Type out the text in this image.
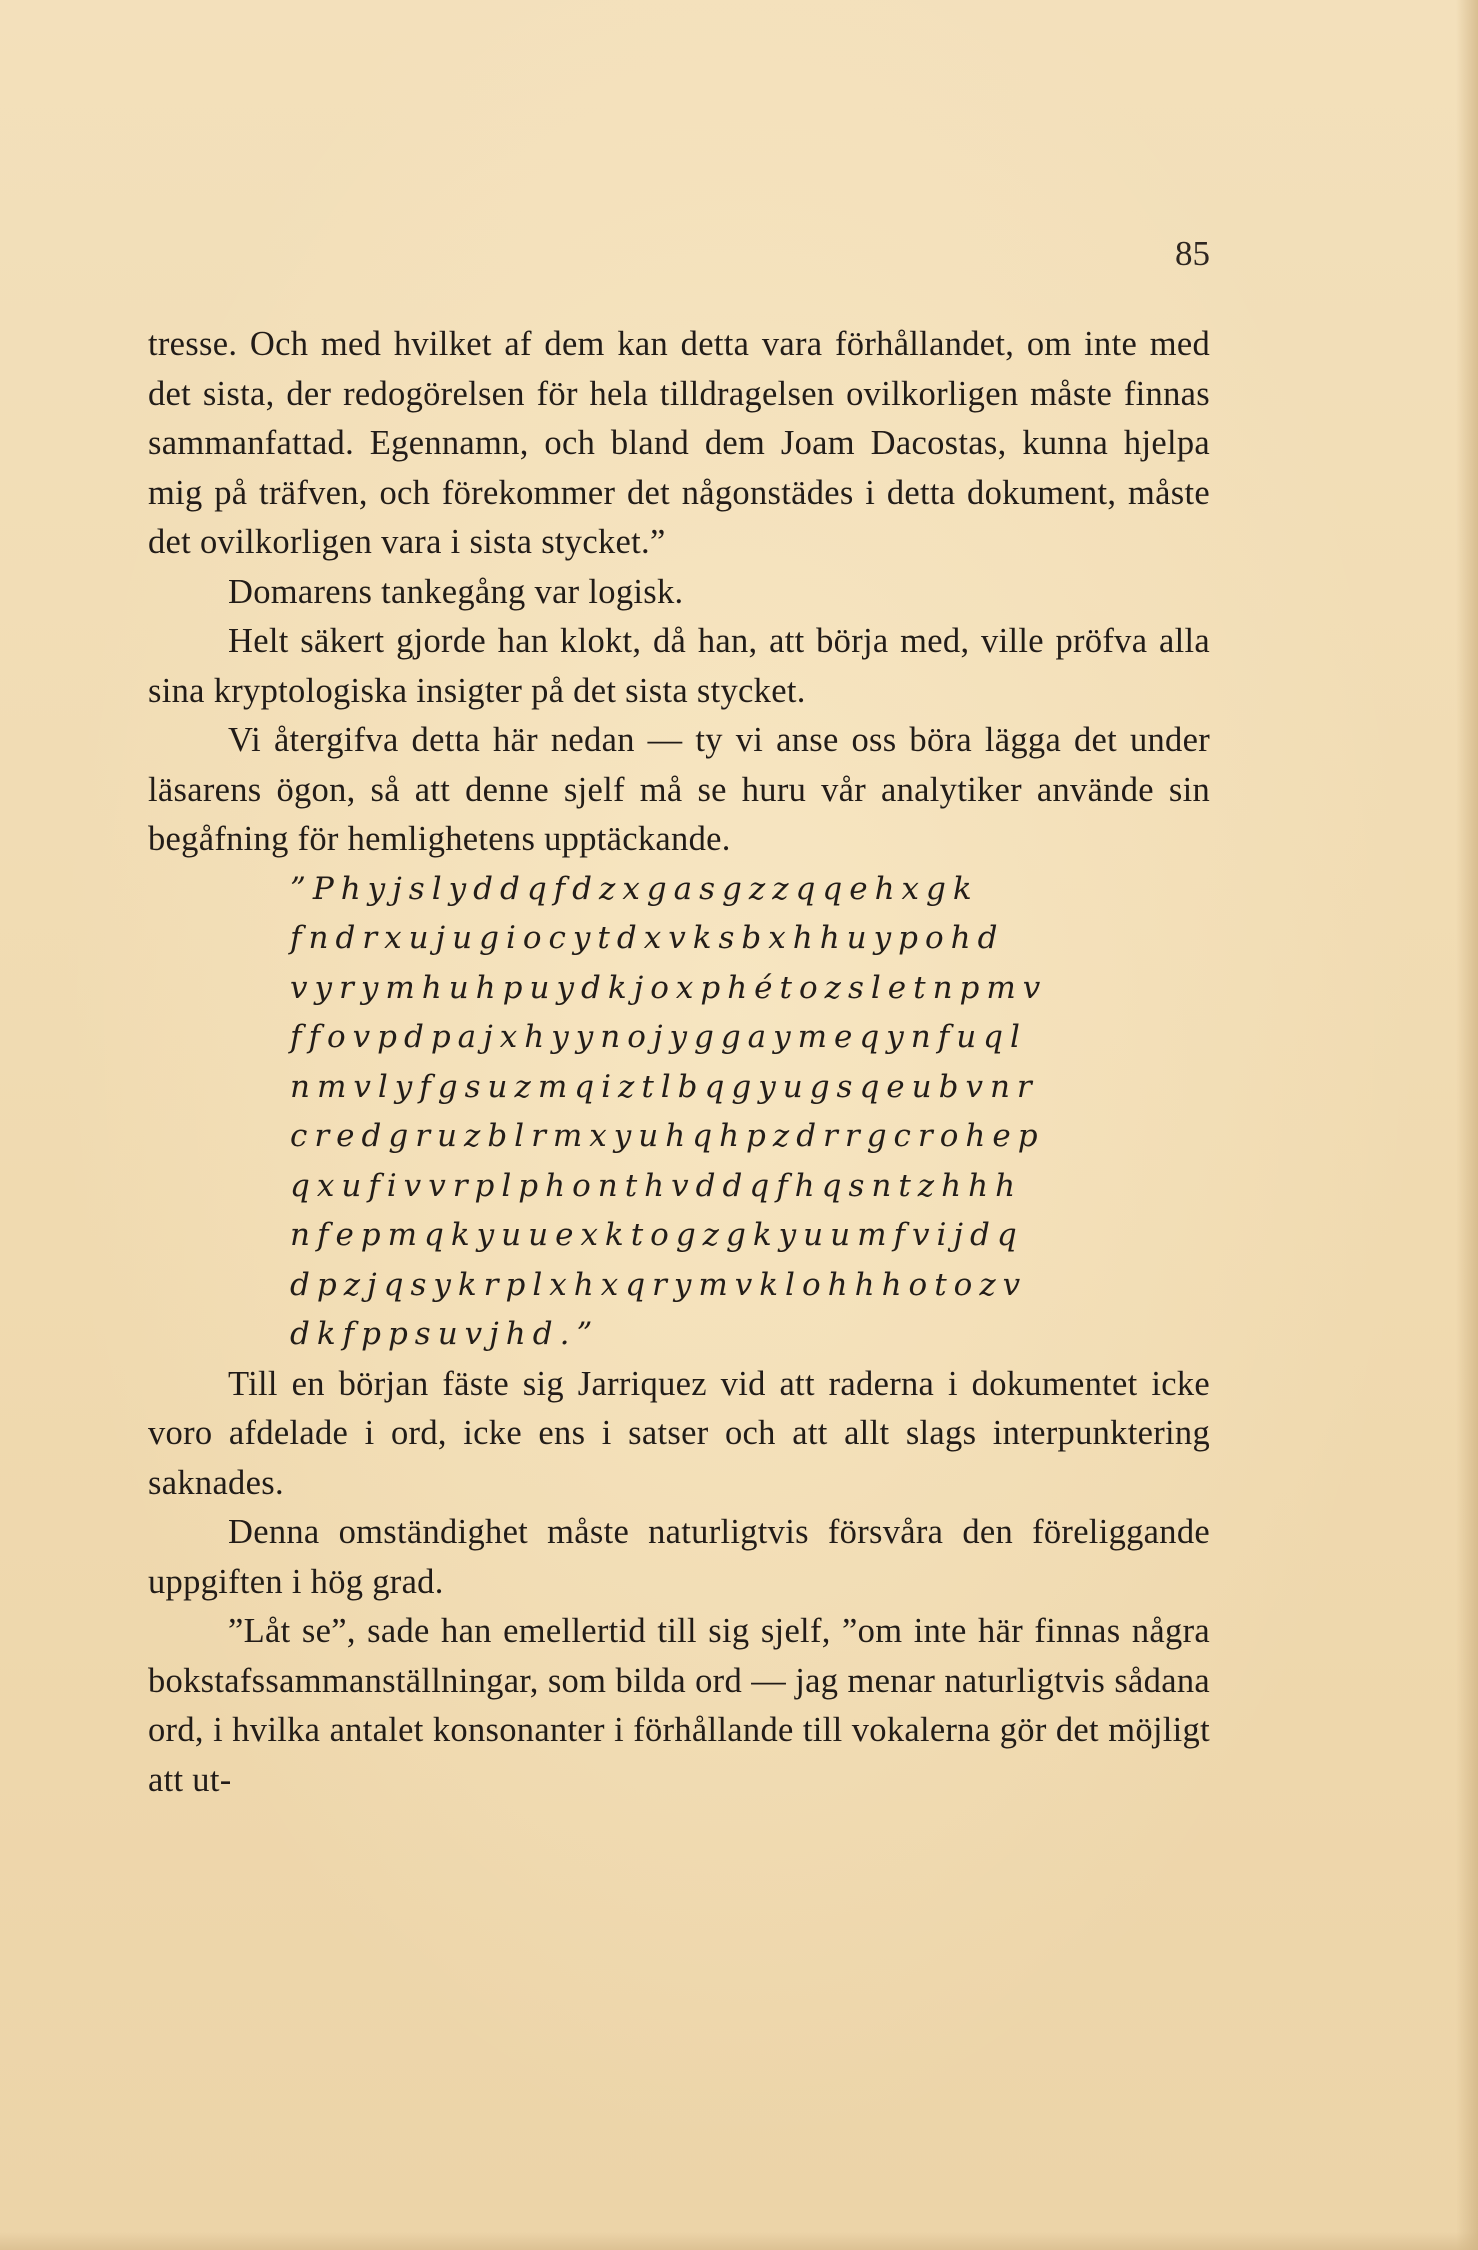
85

tresse. Och med hvilket af dem kan detta vara förhållandet, om inte med det sista, der redogörelsen för hela tilldragelsen ovilkorligen måste finnas sammanfattad. Egennamn, och bland dem Joam Dacostas, kunna hjelpa mig på träfven, och förekommer det någonstädes i detta dokument, måste det ovilkorligen vara i sista stycket.”

Domarens tankegång var logisk.

Helt säkert gjorde han klokt, då han, att börja med, ville pröfva alla sina kryptologiska insigter på det sista stycket.

Vi återgifva detta här nedan — ty vi anse oss böra lägga det under läsarens ögon, så att denne sjelf må se huru vår analytiker använde sin begåfning för hemlighetens upptäckande.

”Phyjslyddqfdzxgasgzzqqehxgk
fndrxujugiocytdxvksbxhhuypohd
vyrymhuhpuydkjoxphétozsletnpmv
ffovpdpajxhyynojyggaymeqynfuql
nmvlyfgsuzmqiztlbqgyugsqeubvnr
credgruzblrmxyuhqhpzdrrgcrohep
qxufivvrplphonthvddqfhqsntzhhh
nfepmqkyuuexktogzgkyuumfvijdq
dpzjqsykrplxhxqrymvklohhhotozv
dkfppsuvjhd.”

Till en början fäste sig Jarriquez vid att raderna i dokumentet icke voro afdelade i ord, icke ens i satser och att allt slags interpunktering saknades.

Denna omständighet måste naturligtvis försvåra den föreliggande uppgiften i hög grad.

”Låt se”, sade han emellertid till sig sjelf, ”om inte här finnas några bokstafssammanställningar, som bilda ord — jag menar naturligtvis sådana ord, i hvilka antalet konsonanter i förhållande till vokalerna gör det möjligt att ut-
